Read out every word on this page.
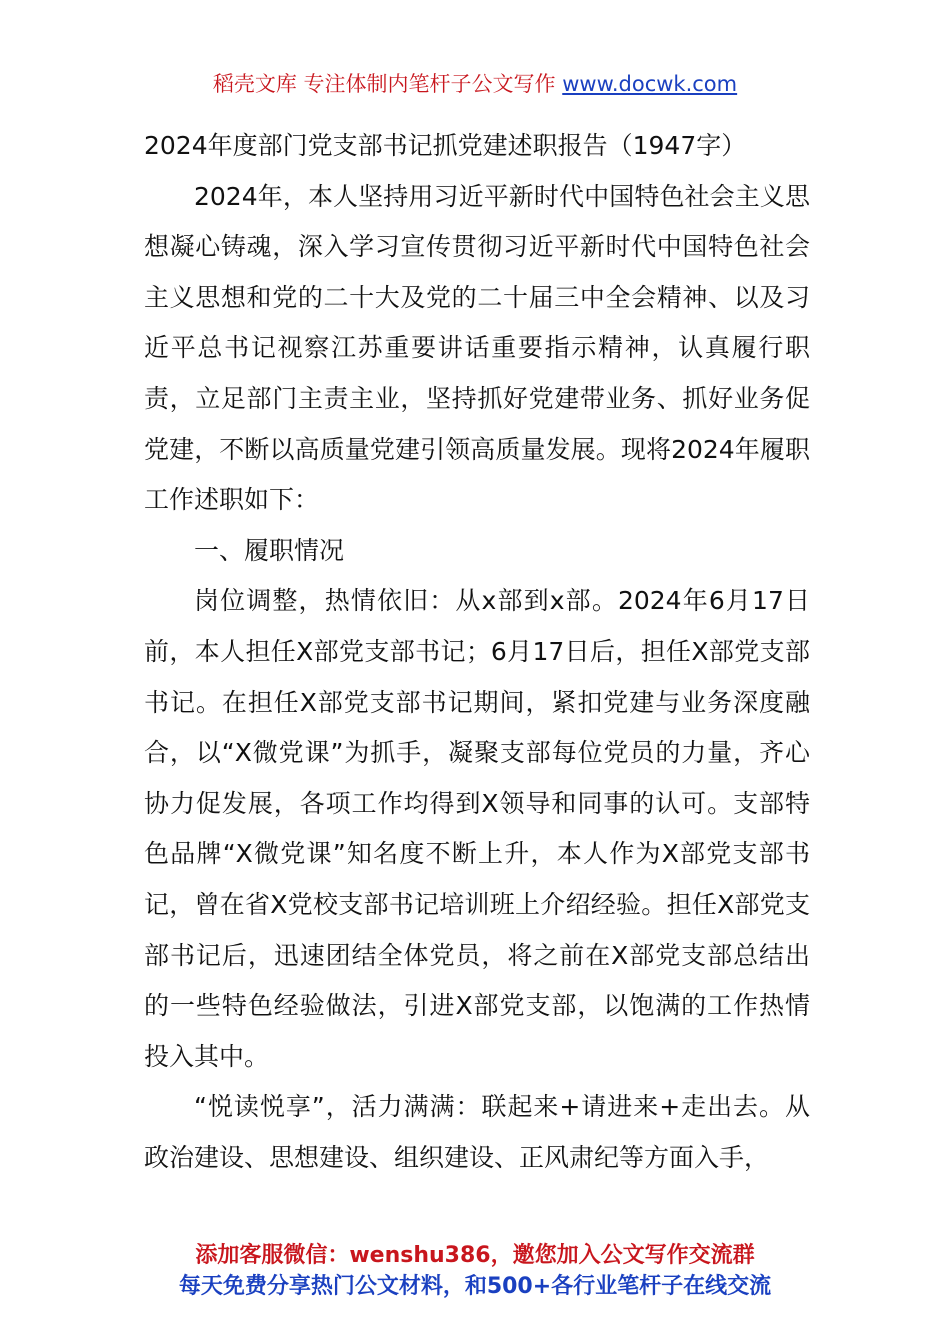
稻壳文库 专注体制内笔杆子公文写作 www.docwk.com
2024年度部门党支部书记抓党建述职报告（1947字）

2024年，本人坚持用习近平新时代中国特色社会主义思想凝心铸魂，深入学习宣传贯彻习近平新时代中国特色社会主义思想和党的二十大及党的二十届三中全会精神、以及习近平总书记视察江苏重要讲话重要指示精神，认真履行职责，立足部门主责主业，坚持抓好党建带业务、抓好业务促党建，不断以高质量党建引领高质量发展。现将2024年履职工作述职如下：

一、履职情况

岗位调整，热情依旧：从x部到x部。2024年6月17日前，本人担任X部党支部书记；6月17日后，担任X部党支部书记。在担任X部党支部书记期间，紧扣党建与业务深度融合，以“X微党课”为抓手，凝聚支部每位党员的力量，齐心协力促发展，各项工作均得到X领导和同事的认可。支部特色品牌“X微党课”知名度不断上升，本人作为X部党支部书记，曾在省X党校支部书记培训班上介绍经验。担任X部党支部书记后，迅速团结全体党员，将之前在X部党支部总结出的一些特色经验做法，引进X部党支部，以饱满的工作热情投入其中。

“悦读悦享”，活力满满：联起来+请进来+走出去。从政治建设、思想建设、组织建设、正风肃纪等方面入手，

添加客服微信：wenshu386，邀您加入公文写作交流群
每天免费分享热门公文材料，和500+各行业笔杆子在线交流
